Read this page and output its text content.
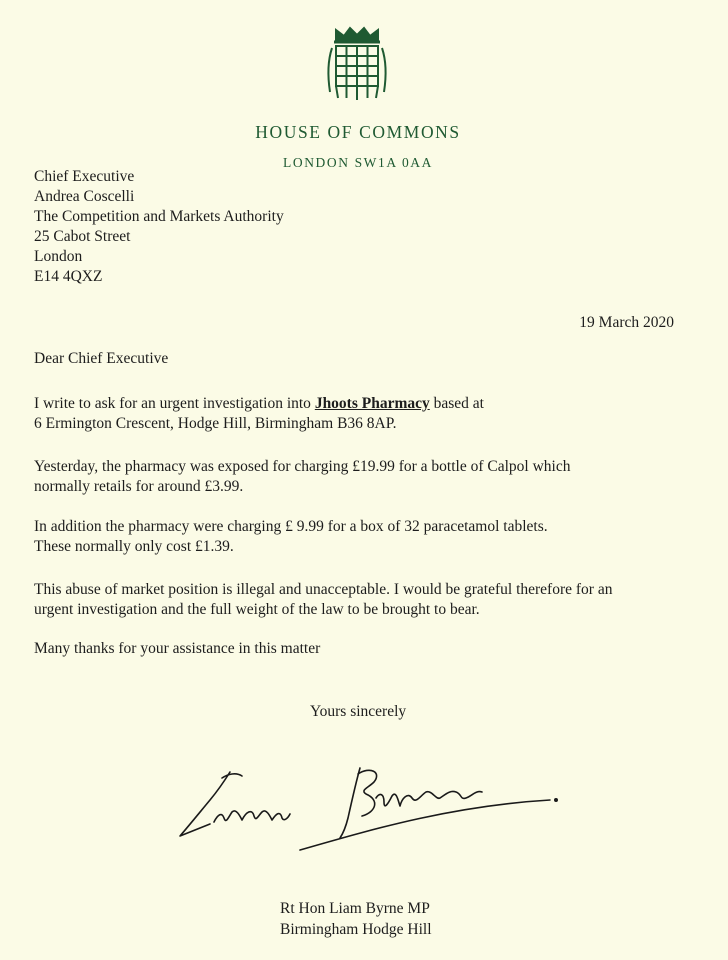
HOUSE OF COMMONS
LONDON SW1A 0AA
Chief Executive
Andrea Coscelli
The Competition and Markets Authority
25 Cabot Street
London
E14 4QXZ
19 March 2020
Dear Chief Executive
I write to ask for an urgent investigation into Jhoots Pharmacy based at
6 Ermington Crescent, Hodge Hill, Birmingham B36 8AP.
Yesterday, the pharmacy was exposed for charging £19.99 for a bottle of Calpol which
normally retails for around £3.99.
In addition the pharmacy were charging £ 9.99 for a box of 32 paracetamol tablets.
These normally only cost £1.39.
This abuse of market position is illegal and unacceptable. I would be grateful therefore for an
urgent investigation and the full weight of the law to be brought to bear.
Many thanks for your assistance in this matter
Yours sincerely
Rt Hon Liam Byrne MP
Birmingham Hodge Hill
